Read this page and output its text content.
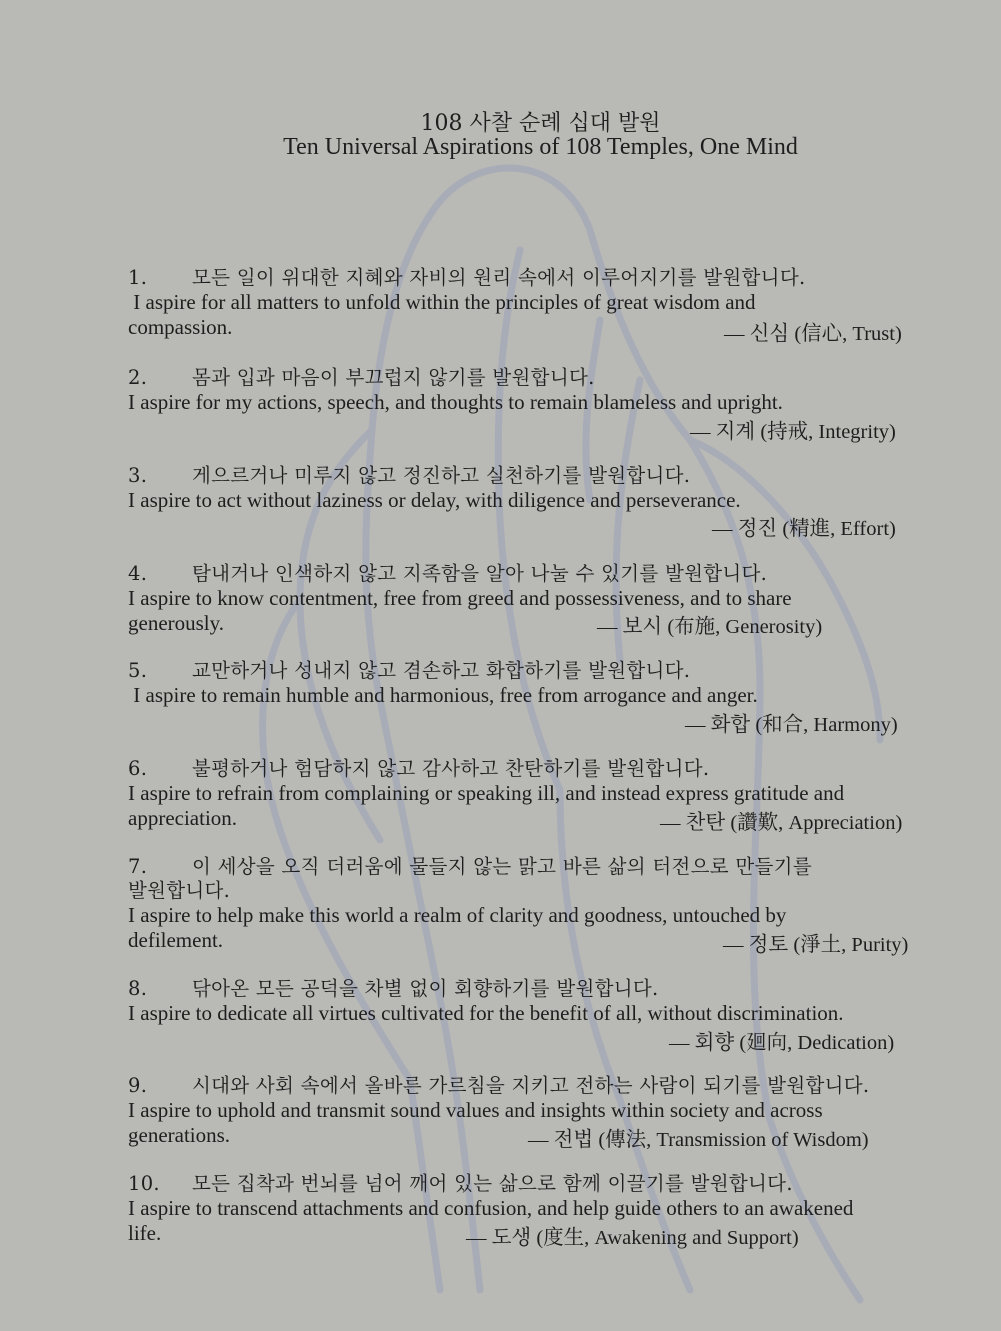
108 사찰 순례 십대 발원
Ten Universal Aspirations of 108 Temples, One Mind
1. 모든 일이 위대한 지혜와 자비의 원리 속에서 이루어지기를 발원합니다.
I aspire for all matters to unfold within the principles of great wisdom and
compassion.	— 신심 (信心, Trust)
2. 몸과 입과 마음이 부끄럽지 않기를 발원합니다.
I aspire for my actions, speech, and thoughts to remain blameless and upright.
— 지계 (持戒, Integrity)
3. 게으르거나 미루지 않고 정진하고 실천하기를 발원합니다.
I aspire to act without laziness or delay, with diligence and perseverance.
— 정진 (精進, Effort)
4. 탐내거나 인색하지 않고 지족함을 알아 나눌 수 있기를 발원합니다.
I aspire to know contentment, free from greed and possessiveness, and to share
generously.	— 보시 (布施, Generosity)
5. 교만하거나 성내지 않고 겸손하고 화합하기를 발원합니다.
I aspire to remain humble and harmonious, free from arrogance and anger.
— 화합 (和合, Harmony)
6. 불평하거나 험담하지 않고 감사하고 찬탄하기를 발원합니다.
I aspire to refrain from complaining or speaking ill, and instead express gratitude and
appreciation.	— 찬탄 (讚歎, Appreciation)
7. 이 세상을 오직 더러움에 물들지 않는 맑고 바른 삶의 터전으로 만들기를
발원합니다.
I aspire to help make this world a realm of clarity and goodness, untouched by
defilement.	— 정토 (淨土, Purity)
8. 닦아온 모든 공덕을 차별 없이 회향하기를 발원합니다.
I aspire to dedicate all virtues cultivated for the benefit of all, without discrimination.
— 회향 (廻向, Dedication)
9. 시대와 사회 속에서 올바른 가르침을 지키고 전하는 사람이 되기를 발원합니다.
I aspire to uphold and transmit sound values and insights within society and across
generations.	— 전법 (傳法, Transmission of Wisdom)
10. 모든 집착과 번뇌를 넘어 깨어 있는 삶으로 함께 이끌기를 발원합니다.
I aspire to transcend attachments and confusion, and help guide others to an awakened
life.	— 도생 (度生, Awakening and Support)
